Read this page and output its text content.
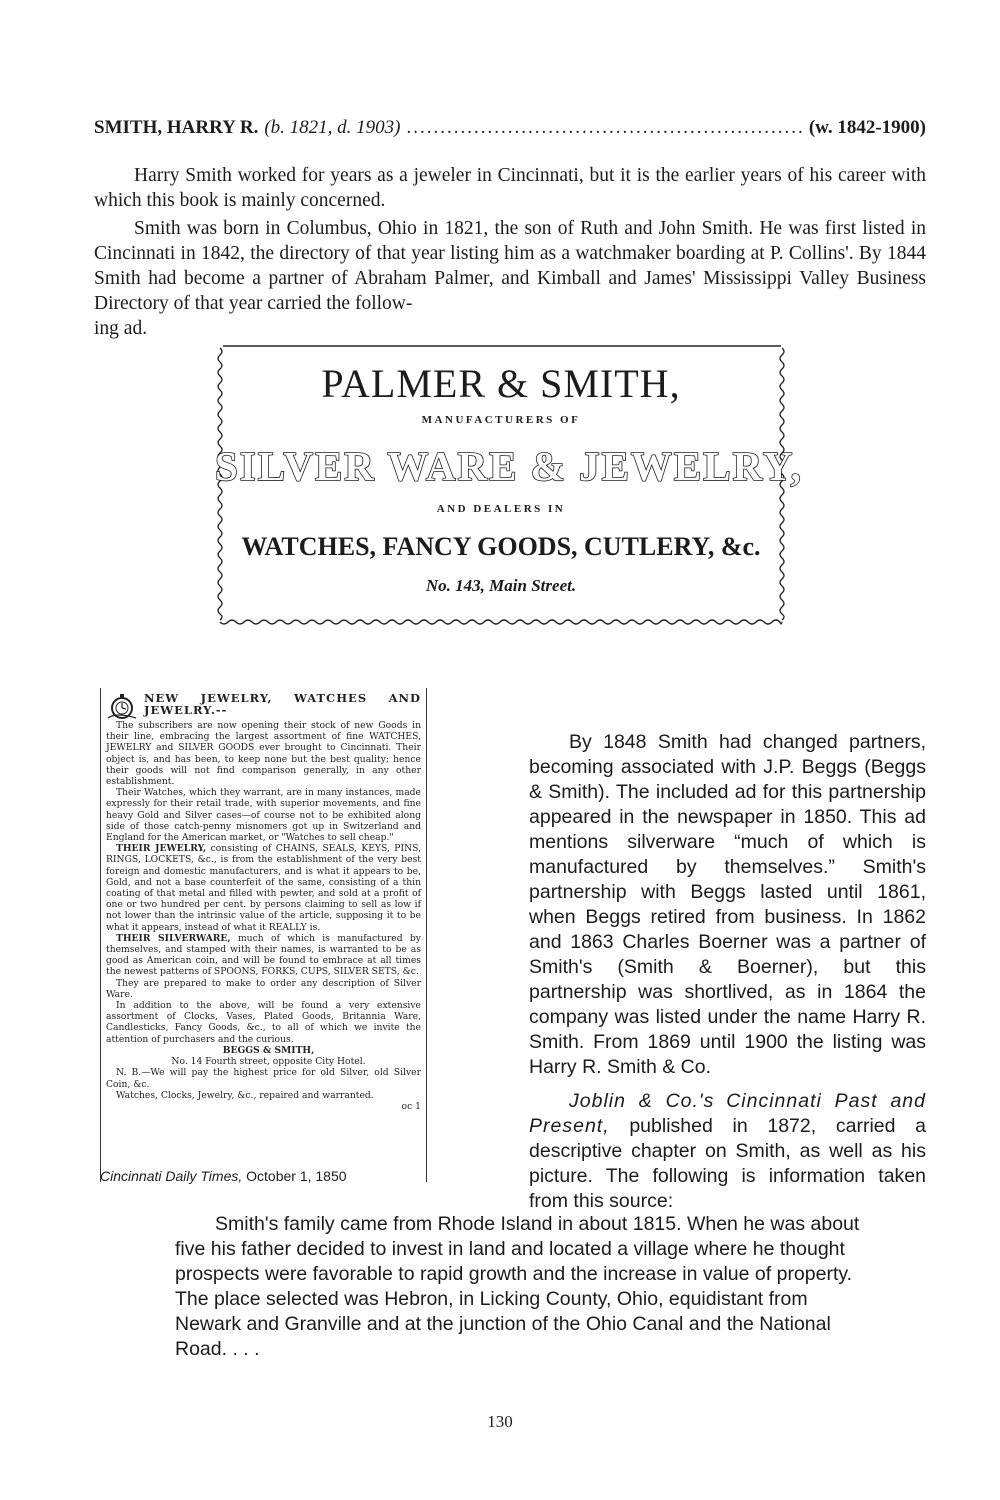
SMITH, HARRY R. (b. 1821, d. 1903)
.....	(w. 1842-1900)

Harry Smith worked for years as a jeweler in Cincinnati, but it is the earlier years of his career with which this book is mainly concerned.

Smith was born in Columbus, Ohio in 1821, the son of Ruth and John Smith. He was first listed in Cincinnati in 1842, the directory of that year listing him as a watchmaker boarding at P. Collins'. By 1844 Smith had become a partner of Abraham Palmer, and Kimball and James' Mississippi Valley Business Directory of that year carried the follow-

ing ad.
PALMER & SMITH,
MANUFACTURERS OF
SILVER WARE & JEWELRY,
AND DEALERS IN
WATCHES, FANCY GOODS, CUTLERY, &c.
No. 143, Main Street.
NEW JEWELRY, WATCHES AND JEWELRY.--

The subscribers are now opening their stock of new Goods in their line, embracing the largest assortment of fine WATCHES, JEWELRY and SILVER GOODS ever brought to Cincinnati. Their object is, and has been, to keep none but the best quality; hence their goods will not find comparison generally, in any other establishment.

Their Watches, which they warrant, are in many instances, made expressly for their retail trade, with superior movements, and fine heavy Gold and Silver cases—of course not to be exhibited along side of those catch-penny misnomers got up in Switzerland and England for the American market, or "Watches to sell cheap."

THEIR JEWELRY, consisting of CHAINS, SEALS, KEYS, PINS, RINGS, LOCKETS, &c., is from the establishment of the very best foreign and domestic manufacturers, and is what it appears to be, Gold, and not a base counterfeit of the same, consisting of a thin coating of that metal and filled with pewter, and sold at a profit of one or two hundred per cent. by persons claiming to sell as low if not lower than the intrinsic value of the article, supposing it to be what it appears, instead of what it REALLY is.

THEIR SILVERWARE, much of which is manufactured by themselves, and stamped with their names, is warranted to be as good as American coin, and will be found to embrace at all times the newest patterns of SPOONS, FORKS, CUPS, SILVER SETS, &c.

They are prepared to make to order any description of Silver Ware.

In addition to the above, will be found a very extensive assortment of Clocks, Vases, Plated Goods, Britannia Ware, Candlesticks, Fancy Goods, &c., to all of which we invite the attention of purchasers and the curious.

BEGGS & SMITH,

No. 14 Fourth street, opposite City Hotel.

N. B.—We will pay the highest price for old Silver, old Silver Coin, &c.

Watches, Clocks, Jewelry, &c., repaired and warranted.

oc 1

Cincinnati Daily Times, October 1, 1850

By 1848 Smith had changed partners, becoming associated with J.P. Beggs (Beggs & Smith). The included ad for this partnership appeared in the newspaper in 1850. This ad mentions silverware “much of which is manufactured by themselves.” Smith's partnership with Beggs lasted until 1861, when Beggs retired from business. In 1862 and 1863 Charles Boerner was a partner of Smith's (Smith & Boerner), but this partnership was shortlived, as in 1864 the company was listed under the name Harry R. Smith. From 1869 until 1900 the listing was Harry R. Smith & Co.

Joblin & Co.'s Cincinnati Past and Present, published in 1872, carried a descriptive chapter on Smith, as well as his picture. The following is information taken from this source:

Smith's family came from Rhode Island in about 1815. When he was about five his father decided to invest in land and located a village where he thought prospects were favorable to rapid growth and the increase in value of property. The place selected was Hebron, in Licking County, Ohio, equidistant from Newark and Granville and at the junction of the Ohio Canal and the National Road. . . .

130
